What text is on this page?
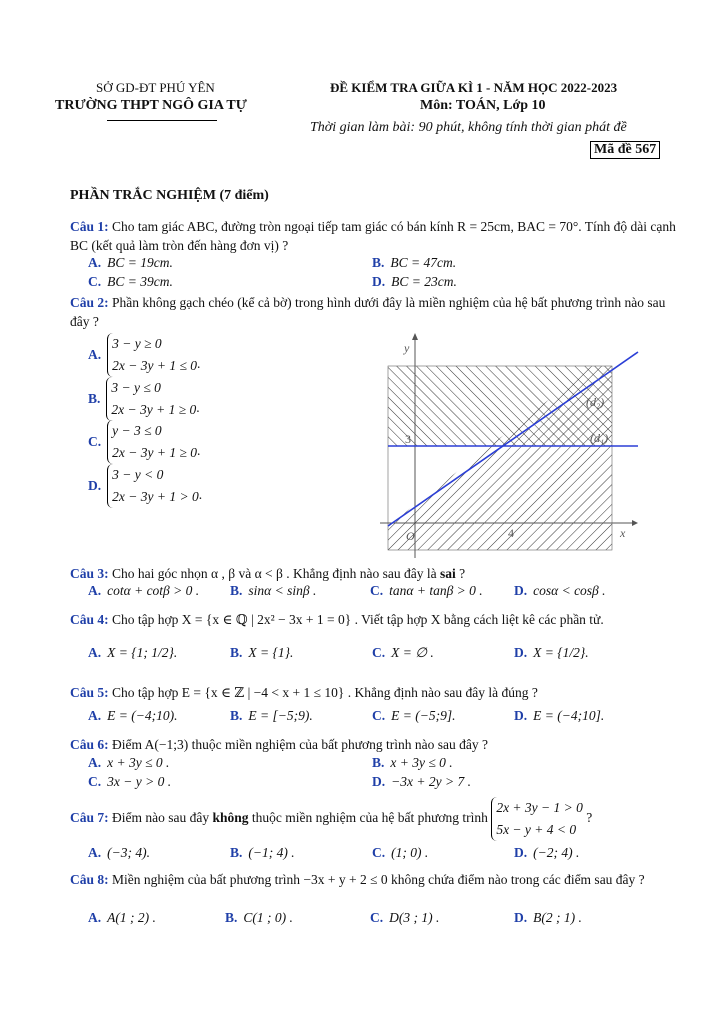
SỞ GD-ĐT PHÚ YÊN
TRƯỜNG THPT NGÔ GIA TỰ
ĐỀ KIỂM TRA GIỮA KÌ 1 - NĂM HỌC 2022-2023
Môn: TOÁN, Lớp 10
Thời gian làm bài: 90 phút, không tính thời gian phát đề
Mã đề 567
PHẦN TRẮC NGHIỆM (7 điểm)
Câu 1: Cho tam giác ABC, đường tròn ngoại tiếp tam giác có bán kính R = 25cm, BAC = 70°. Tính độ dài cạnh BC (kết quả làm tròn đến hàng đơn vị) ?
A. BC = 19cm.	B. BC = 47cm.
C. BC = 39cm.	D. BC = 23cm.
Câu 2: Phần không gạch chéo (kể cả bờ) trong hình dưới đây là miền nghiệm của hệ bất phương trình nào sau đây ?
A.
3 − y ≥ 0
2x − 3y + 1 ≤ 0 .
B.
3 − y ≤ 0
2x − 3y + 1 ≥ 0 .
C.
y − 3 ≤ 0
2x − 3y + 1 ≥ 0 .
D.
3 − y < 0
2x − 3y + 1 > 0 .
y
x
O	4
3	(d₁)
(d₂)
Câu 3: Cho hai góc nhọn α , β và α < β . Khẳng định nào sau đây là sai ?
A. cotα + cotβ > 0 . B. sinα < sinβ .	C. tanα + tanβ > 0 . D. cosα < cosβ .
Câu 4: Cho tập hợp X = {x ∈ ℚ | 2x² − 3x + 1 = 0} . Viết tập hợp X bằng cách liệt kê các phần tử.
A. X = {1; 1/2}.	B. X = {1}.	C. X = ∅ .	D. X = {1/2}.
Câu 5: Cho tập hợp E = {x ∈ ℤ | −4 < x + 1 ≤ 10} . Khẳng định nào sau đây là đúng ?
A. E = (−4;10).	B. E = [−5;9).	C. E = (−5;9].	D. E = (−4;10].
Câu 6: Điểm A(−1;3) thuộc miền nghiệm của bất phương trình nào sau đây ?
A. x + 3y ≤ 0 .	B. x + 3y ≤ 0 .
C. 3x − y > 0 .	D. −3x + 2y > 7 .
Câu 7: Điểm nào sau đây không thuộc miền nghiệm của hệ bất phương trình
2x + 3y − 1 > 0
5x − y + 4 < 0
?
A. (−3; 4).	B. (−1; 4) .	C. (1; 0) .	D. (−2; 4) .
Câu 8: Miền nghiệm của bất phương trình −3x + y + 2 ≤ 0 không chứa điểm nào trong các điểm sau đây ?
A. A(1 ; 2) .	B. C(1 ; 0) .	C. D(3 ; 1) .	D. B(2 ; 1) .
